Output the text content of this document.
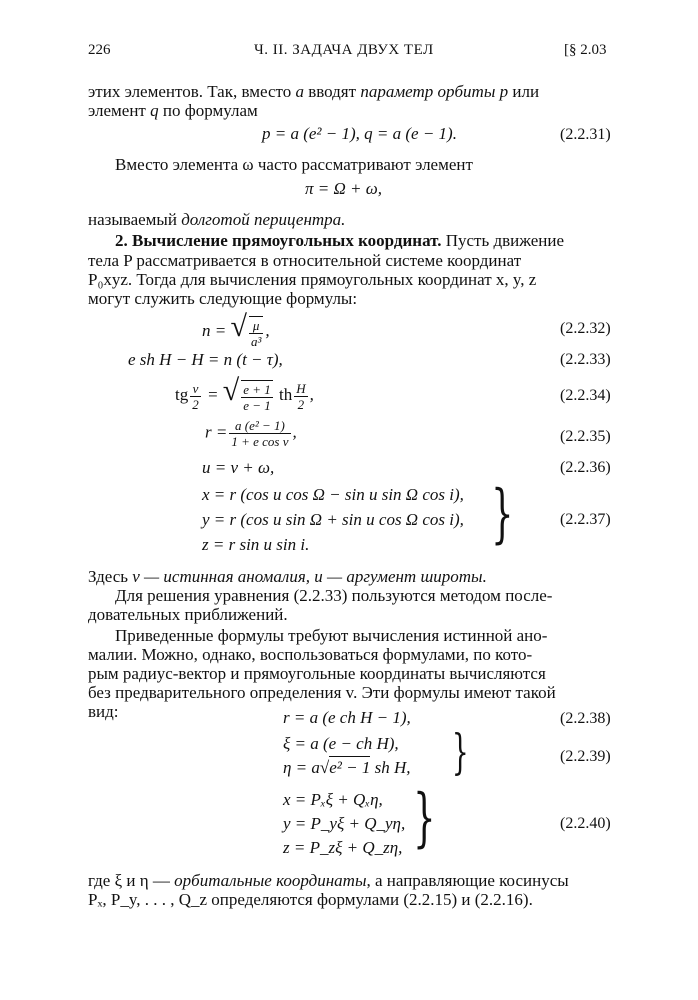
226	Ч. II. ЗАДАЧА ДВУХ ТЕЛ	[§ 2.03
этих элементов. Так, вместо a вводят параметр орбиты p или
элемент q по формулам
p = a (e² − 1), q = a (e − 1).	(2.2.31)
Вместо элемента ω часто рассматривают элемент
π = Ω + ω,
называемый долготой перицентра.
2. Вычисление прямоугольных координат. Пусть движение
тела P рассматривается в относительной системе координат
P₀xyz. Тогда для вычисления прямоугольных координат x, y, z
могут служить следующие формулы:
n = √ $\frac{\mu}{\text{a³}}$ ,	(2.2.32)
e sh H − H = n (t − τ),	(2.2.33)
tg $\frac{v}{2}$ = √ $\frac{e + 1}{e - 1}$ th $\frac{H}{2}$ ,	(2.2.34)
$r = \frac{\text{a (e² − 1)}}{\text{1 + e cos v}}$ ,	(2.2.35)
u = v + ω,	(2.2.36)
x = r (cos u cos Ω − sin u sin Ω cos i),
y = r (cos u sin Ω + sin u cos Ω cos i),
z = r sin u sin i.	}	(2.2.37)
Здесь v — истинная аномалия, u — аргумент широты.
Для решения уравнения (2.2.33) пользуются методом после-
довательных приближений.
Приведенные формулы требуют вычисления истинной ано-
малии. Можно, однако, воспользоваться формулами, по кото-
рым радиус-вектор и прямоугольные координаты вычисляются
без предварительного определения v. Эти формулы имеют такой
вид:	r = a (e ch H − 1),	(2.2.38)
ξ = a (e − ch H),
η = a√e² − 1 sh H, }	(2.2.39)
x = Pₓξ + Qₓη,
y = P_yξ + Q_yη,
z = P_zξ + Q_zη, }	(2.2.40)
где ξ и η — орбитальные координаты, а направляющие косинусы
Pₓ, P_y, . . . , Q_z определяются формулами (2.2.15) и (2.2.16).
